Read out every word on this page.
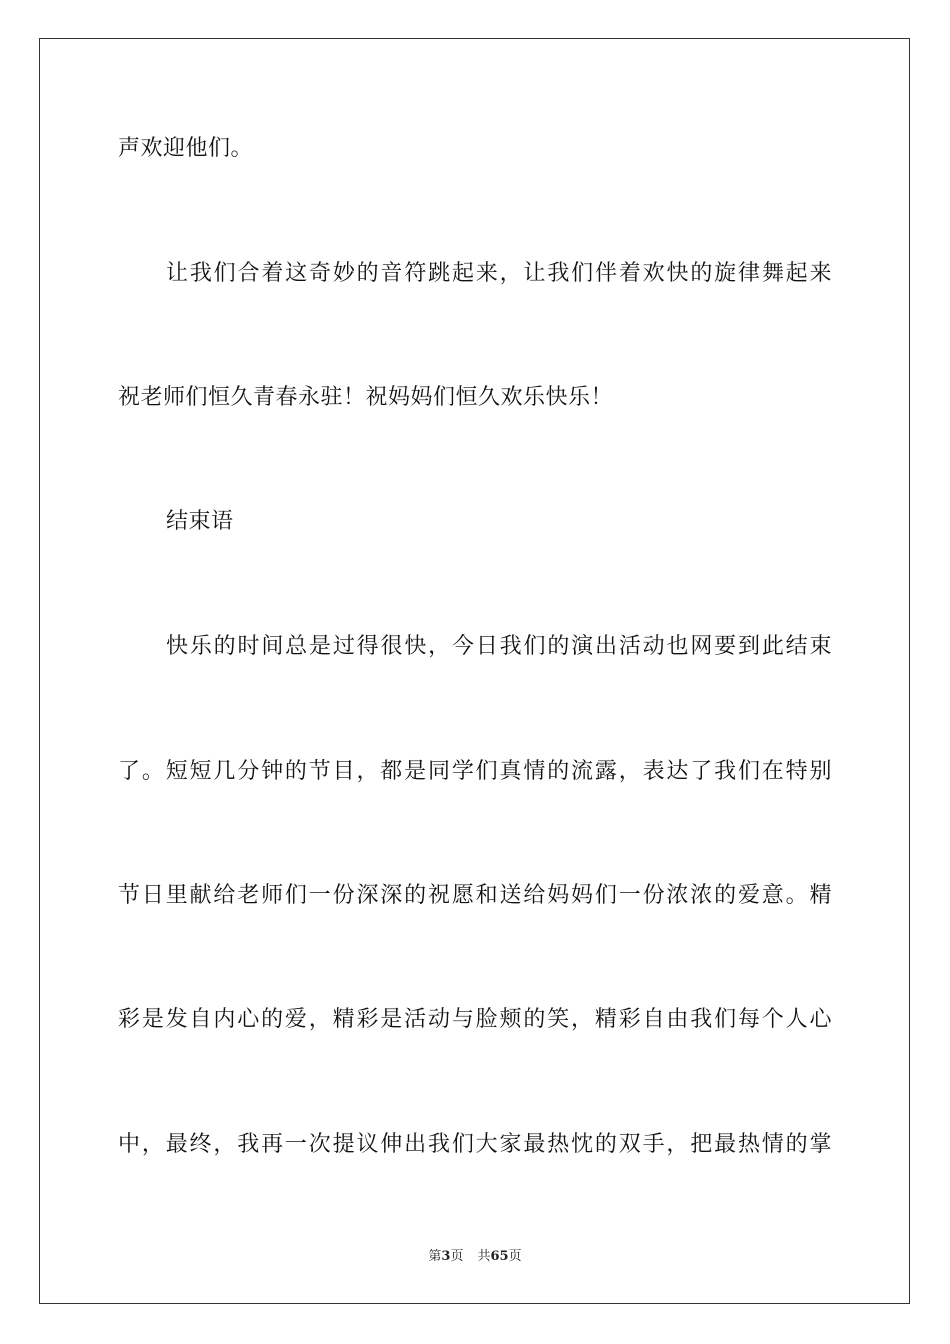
声欢迎他们。
让我们合着这奇妙的音符跳起来，让我们伴着欢快的旋律舞起来
祝老师们恒久青春永驻！祝妈妈们恒久欢乐快乐！
结束语
快乐的时间总是过得很快，今日我们的演出活动也网要到此结束
了。短短几分钟的节目，都是同学们真情的流露，表达了我们在特别
节日里献给老师们一份深深的祝愿和送给妈妈们一份浓浓的爱意。精
彩是发自内心的爱，精彩是活动与脸颊的笑，精彩自由我们每个人心
中，最终，我再一次提议伸出我们大家最热忱的双手，把最热情的掌
第3页 共65页
